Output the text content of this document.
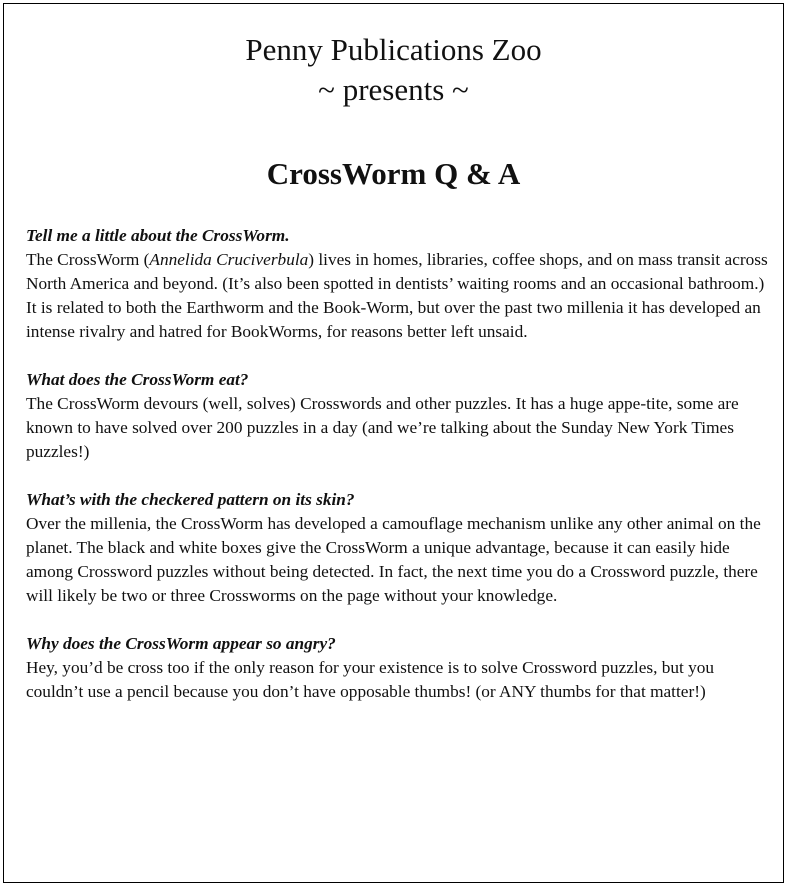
Penny Publications Zoo

~ presents ~

CrossWorm Q & A
Tell me a little about the CrossWorm.
The CrossWorm (Annelida Cruciverbula) lives in homes, libraries, coffee shops, and on mass transit across North America and beyond. (It’s also been spotted in dentists’ waiting rooms and an occasional bathroom.) It is related to both the Earthworm and the Book-Worm, but over the past two millenia it has developed an intense rivalry and hatred for BookWorms, for reasons better left unsaid.
What does the CrossWorm eat?
The CrossWorm devours (well, solves) Crosswords and other puzzles. It has a huge appe-tite, some are known to have solved over 200 puzzles in a day (and we’re talking about the Sunday New York Times puzzles!)
What’s with the checkered pattern on its skin?
Over the millenia, the CrossWorm has developed a camouflage mechanism unlike any other animal on the planet. The black and white boxes give the CrossWorm a unique advantage, because it can easily hide among Crossword puzzles without being detected. In fact, the next time you do a Crossword puzzle, there will likely be two or three Crossworms on the page without your knowledge.
Why does the CrossWorm appear so angry?
Hey, you’d be cross too if the only reason for your existence is to solve Crossword puzzles, but you couldn’t use a pencil because you don’t have opposable thumbs! (or ANY thumbs for that matter!)
